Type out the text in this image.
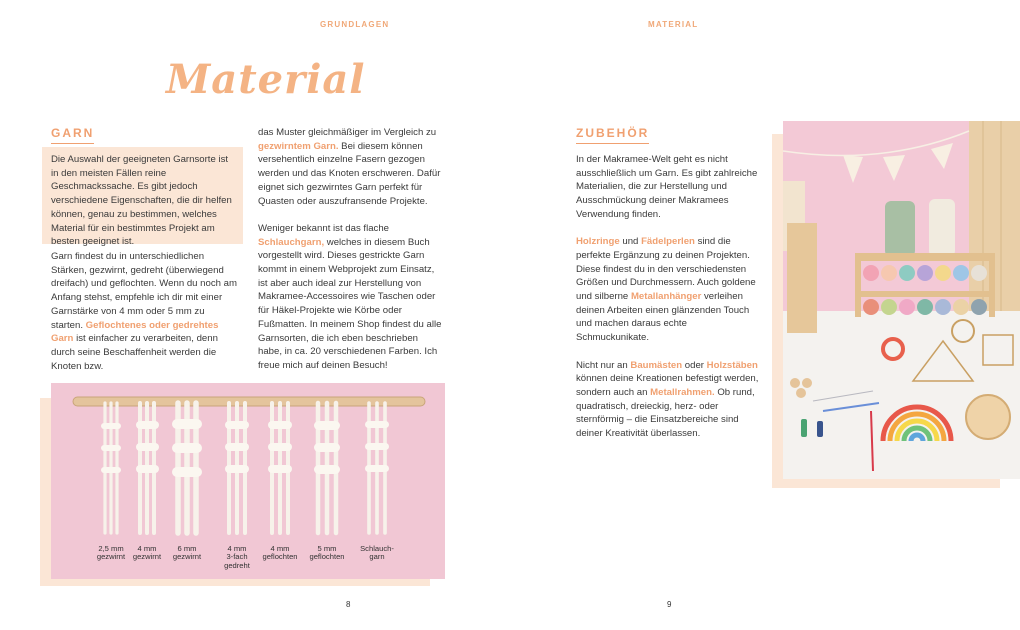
GRUNDLAGEN	MATERIAL
Material
GARN

Die Auswahl der geeigneten Garnsorte ist in den meisten Fällen reine Geschmackssache. Es gibt jedoch verschiedene Eigenschaften, die dir helfen können, genau zu bestimmen, welches Material für ein bestimmtes Projekt am besten geeignet ist.

Garn findest du in unterschiedlichen Stärken, gezwirnt, gedreht (überwiegend dreifach) und geflochten. Wenn du noch am Anfang stehst, empfehle ich dir mit einer Garnstärke von 4 mm oder 5 mm zu starten. Geflochtenes oder gedrehtes Garn ist einfacher zu verarbeiten, denn durch seine Beschaffenheit werden die Knoten bzw.

das Muster gleichmäßiger im Vergleich zu gezwirntem Garn. Bei diesem können versehentlich einzelne Fasern gezogen werden und das Knoten erschweren. Dafür eignet sich gezwirntes Garn perfekt für Quasten oder auszufransende Projekte.

Weniger bekannt ist das flache Schlauchgarn, welches in diesem Buch vorgestellt wird. Dieses gestrickte Garn kommt in einem Webprojekt zum Einsatz, ist aber auch ideal zur Herstellung von Makramee-Accessoires wie Taschen oder für Häkel-Projekte wie Körbe oder Fußmatten. In meinem Shop findest du alle Garnsorten, die ich eben beschrieben habe, in ca. 20 verschiedenen Farben. Ich freue mich auf deinen Besuch!

2,5 mm
gezwirnt
4 mm
gezwirnt
6 mm
gezwirnt
4 mm
3-fach
gedreht
4 mm
geflochten
5 mm
geflochten
Schlauch-
garn
ZUBEHÖR

In der Makramee-Welt geht es nicht ausschließlich um Garn. Es gibt zahlreiche Materialien, die zur Herstellung und Ausschmückung deiner Makramees Verwendung finden.

Holzringe und Fädelperlen sind die perfekte Ergänzung zu deinen Projekten. Diese findest du in den verschiedensten Größen und Durchmessern. Auch goldene und silberne Metallanhänger verleihen deinen Arbeiten einen glänzenden Touch und machen daraus echte Schmuckunikate.

Nicht nur an Baumästen oder Holzstäben können deine Kreationen befestigt werden, sondern auch an Metallrahmen. Ob rund, quadratisch, dreieckig, herz- oder sternförmig – die Einsatzbereiche sind deiner Kreativität überlassen.

8	9
